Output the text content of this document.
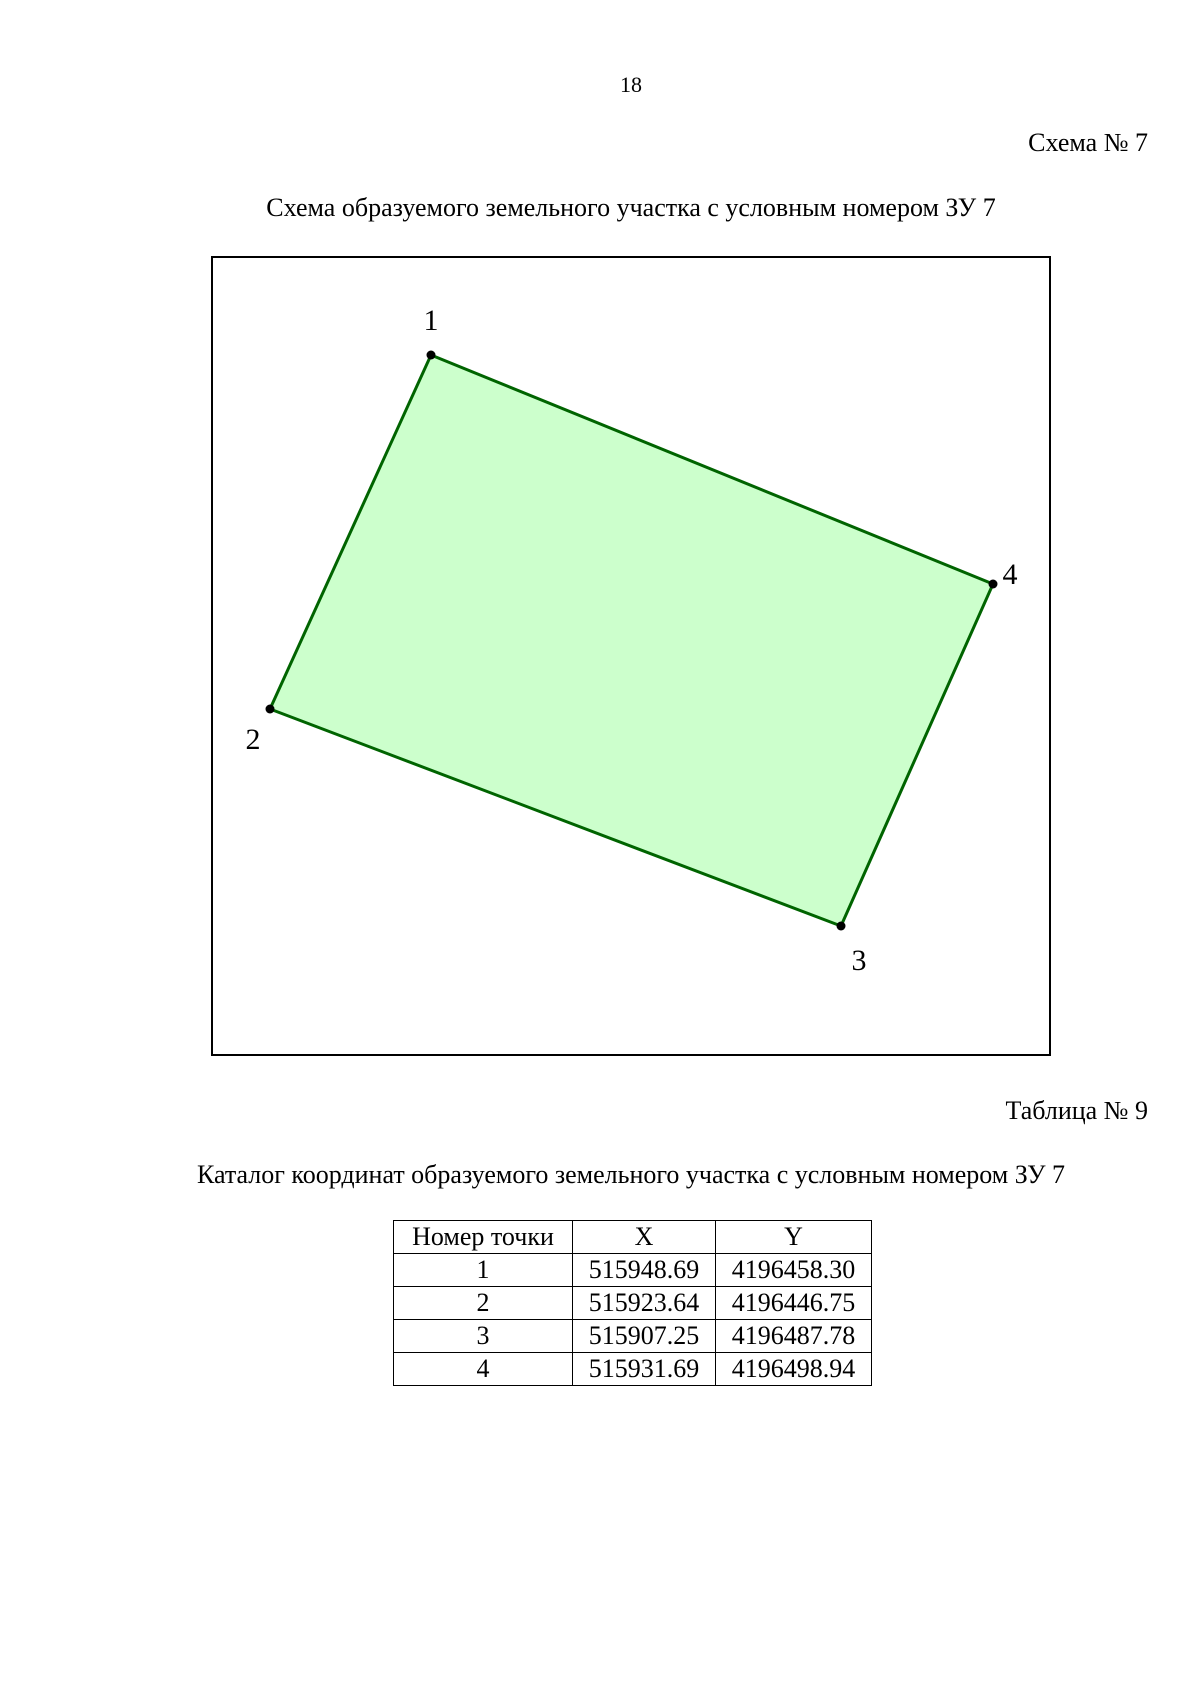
18
Схема № 7
Схема образуемого земельного участка с условным номером ЗУ 7
1
2
3
4
Таблица № 9
Каталог координат образуемого земельного участка с условным номером ЗУ 7
Номер точки	X	Y
1	515948.69	4196458.30
2	515923.64	4196446.75
3	515907.25	4196487.78
4	515931.69	4196498.94
